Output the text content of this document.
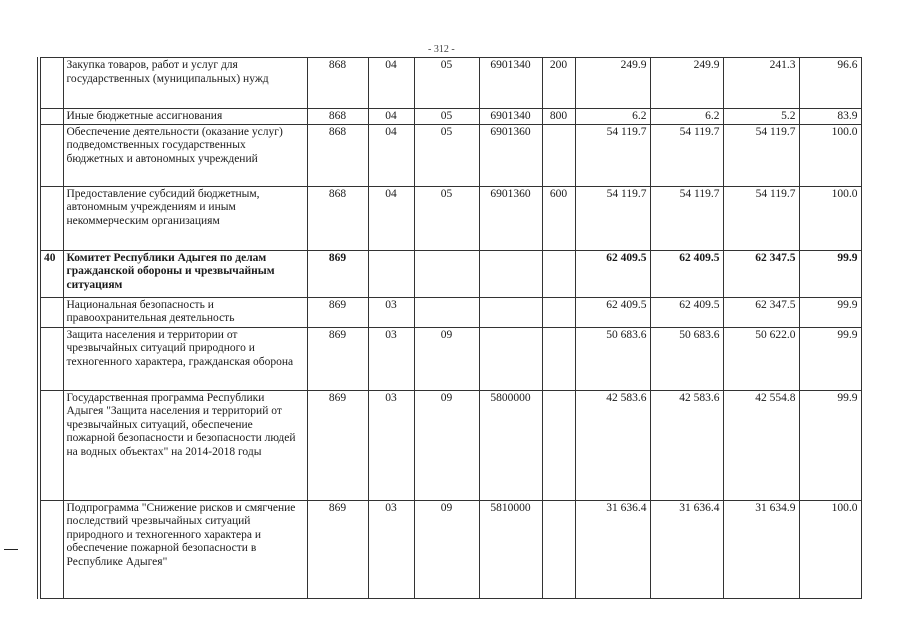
- 312 -
	Закупка товаров, работ и услуг для государственных (муниципальных) нужд	868	04	05	6901340	200	249.9	249.9	241.3	96.6
	Иные бюджетные ассигнования	868	04	05	6901340	800	6.2	6.2	5.2	83.9
	Обеспечение деятельности (оказание услуг) подведомственных государственных бюджетных и автономных учреждений	868	04	05	6901360		54 119.7	54 119.7	54 119.7	100.0
	Предоставление субсидий бюджетным, автономным учреждениям и иным некоммерческим организациям	868	04	05	6901360	600	54 119.7	54 119.7	54 119.7	100.0
40	Комитет Республики Адыгея по делам гражданской обороны и чрезвычайным ситуациям	869					62 409.5	62 409.5	62 347.5	99.9
	Национальная безопасность и правоохранительная деятельность	869	03				62 409.5	62 409.5	62 347.5	99.9
	Защита населения и территории от чрезвычайных ситуаций природного и техногенного характера, гражданская оборона	869	03	09			50 683.6	50 683.6	50 622.0	99.9
	Государственная программа Республики Адыгея "Защита населения и территорий от чрезвычайных ситуаций, обеспечение пожарной безопасности и безопасности людей на водных объектах" на 2014-2018 годы	869	03	09	5800000		42 583.6	42 583.6	42 554.8	99.9
	Подпрограмма "Снижение рисков и смягчение последствий чрезвычайных ситуаций природного и техногенного характера и обеспечение пожарной безопасности в Республике Адыгея"	869	03	09	5810000		31 636.4	31 636.4	31 634.9	100.0
